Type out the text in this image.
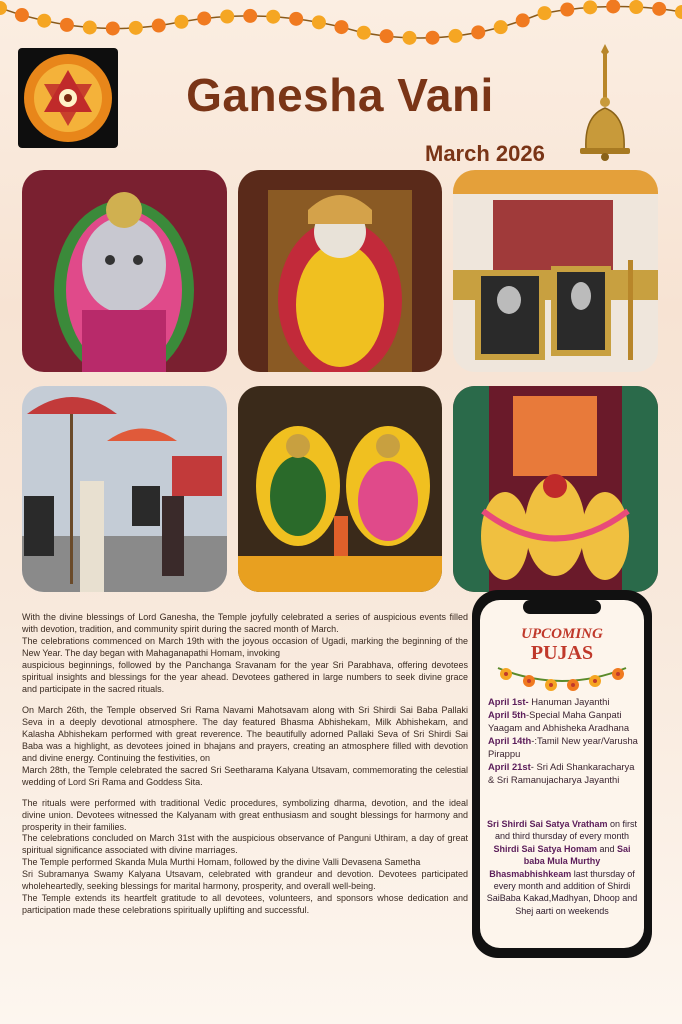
Ganesha Vani
March 2026

With the divine blessings of Lord Ganesha, the Temple joyfully celebrated a series of auspicious events filled with devotion, tradition, and community spirit during the sacred month of March.
The celebrations commenced on March 19th with the joyous occasion of Ugadi, marking the beginning of the New Year. The day began with Mahaganapathi Homam, invoking
auspicious beginnings, followed by the Panchanga Sravanam for the year Sri Parabhava, offering devotees spiritual insights and blessings for the year ahead. Devotees gathered in large numbers to seek divine grace and participate in the sacred rituals.

On March 26th, the Temple observed Sri Rama Navami Mahotsavam along with Sri Shirdi Sai Baba Pallaki Seva in a deeply devotional atmosphere. The day featured Bhasma Abhishekam, Milk Abhishekam, and Kalasha Abhishekam performed with great reverence. The beautifully adorned Pallaki Seva of Sri Shirdi Sai Baba was a highlight, as devotees joined in bhajans and prayers, creating an atmosphere filled with devotion and divine energy. Continuing the festivities, on
March 28th, the Temple celebrated the sacred Sri Seetharama Kalyana Utsavam, commemorating the celestial wedding of Lord Sri Rama and Goddess Sita.

The rituals were performed with traditional Vedic procedures, symbolizing dharma, devotion, and the ideal divine union. Devotees witnessed the Kalyanam with great enthusiasm and sought blessings for harmony and prosperity in their families.
The celebrations concluded on March 31st with the auspicious observance of Panguni Uthiram, a day of great spiritual significance associated with divine marriages.
The Temple performed Skanda Mula Murthi Homam, followed by the divine Valli Devasena Sametha
Sri Subramanya Swamy Kalyana Utsavam, celebrated with grandeur and devotion. Devotees participated wholeheartedly, seeking blessings for marital harmony, prosperity, and overall well-being.
The Temple extends its heartfelt gratitude to all devotees, volunteers, and sponsors whose dedication and participation made these celebrations spiritually uplifting and successful.

UPCOMING
PUJAS

April 1st- Hanuman Jayanthi

April 5th-Special Maha Ganpati Yaagam and Abhisheka Aradhana

April 14th-:Tamil New year/Varusha Pirappu

April 21st- Sri Adi Shankaracharya & Sri Ramanujacharya Jayanthi

Sri Shirdi Sai Satya Vratham on first and third thursday of every month
Shirdi Sai Satya Homam and Sai baba Mula Murthy Bhasmabhishkeam last thursday of every month and addition of Shirdi SaiBaba Kakad,Madhyan, Dhoop and Shej aarti on weekends
